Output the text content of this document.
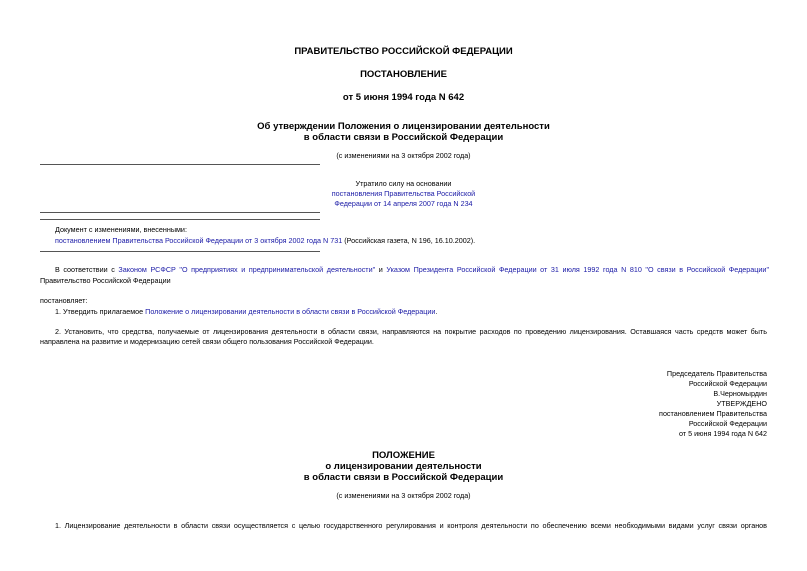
ПРАВИТЕЛЬСТВО РОССИЙСКОЙ ФЕДЕРАЦИИ
ПОСТАНОВЛЕНИЕ
от 5 июня 1994 года N 642
Об утверждении Положения о лицензировании деятельности
в области связи в Российской Федерации
(с изменениями на 3 октября 2002 года)
Утратило силу на основании
постановления Правительства Российской
Федерации от 14 апреля 2007 года N 234
Документ с изменениями, внесенными:
постановлением Правительства Российской Федерации от 3 октября 2002 года N 731 (Российская газета, N 196, 16.10.2002).
В соответствии с Законом РСФСР "О предприятиях и предпринимательской деятельности" и Указом Президента Российской Федерации от 31 июля 1992 года N 810 "О связи в Российской Федерации"
Правительство Российской Федерации
постановляет:
1. Утвердить прилагаемое Положение о лицензировании деятельности в области связи в Российской Федерации.
2. Установить, что средства, получаемые от лицензирования деятельности в области связи, направляются на покрытие расходов по проведению лицензирования. Оставшаяся часть средств может быть
направлена на развитие и модернизацию сетей связи общего пользования Российской Федерации.
Председатель Правительства
Российской Федерации
В.Черномырдин
УТВЕРЖДЕНО
постановлением Правительства
Российской Федерации
от 5 июня 1994 года N 642
ПОЛОЖЕНИЕ
о лицензировании деятельности
в области связи в Российской Федерации
(с изменениями на 3 октября 2002 года)
1. Лицензирование деятельности в области связи осуществляется с целью государственного регулирования и контроля деятельности по обеспечению всеми необходимыми видами услуг связи органов
